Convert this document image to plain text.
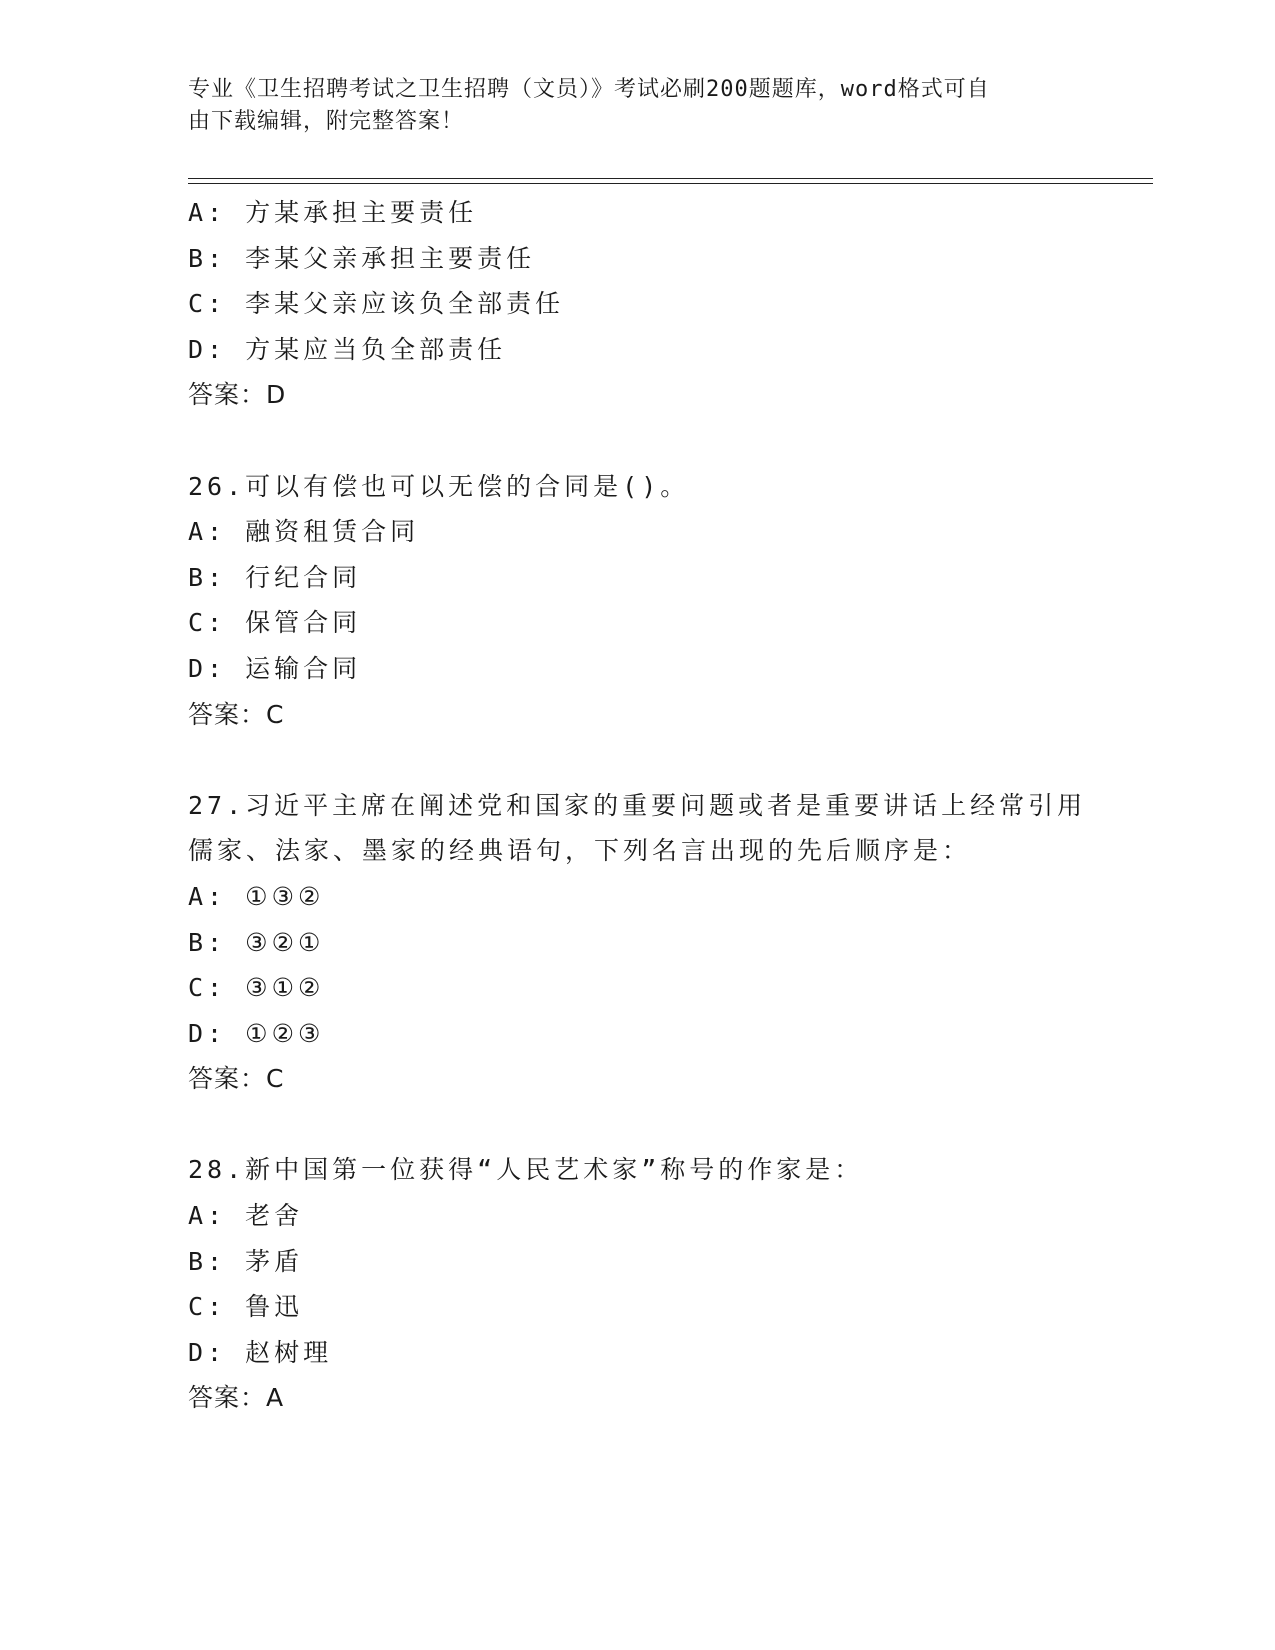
专业《卫生招聘考试之卫生招聘（文员）》考试必刷200题题库，word格式可自
由下载编辑，附完整答案！
A: 方某承担主要责任
B: 李某父亲承担主要责任
C: 李某父亲应该负全部责任
D: 方某应当负全部责任
答案：D
26.可以有偿也可以无偿的合同是()。
A: 融资租赁合同
B: 行纪合同
C: 保管合同
D: 运输合同
答案：C
27.习近平主席在阐述党和国家的重要问题或者是重要讲话上经常引用
儒家、法家、墨家的经典语句，下列名言出现的先后顺序是：
A: ①③②
B: ③②①
C: ③①②
D: ①②③
答案：C
28.新中国第一位获得“人民艺术家”称号的作家是：
A: 老舍
B: 茅盾
C: 鲁迅
D: 赵树理
答案：A
